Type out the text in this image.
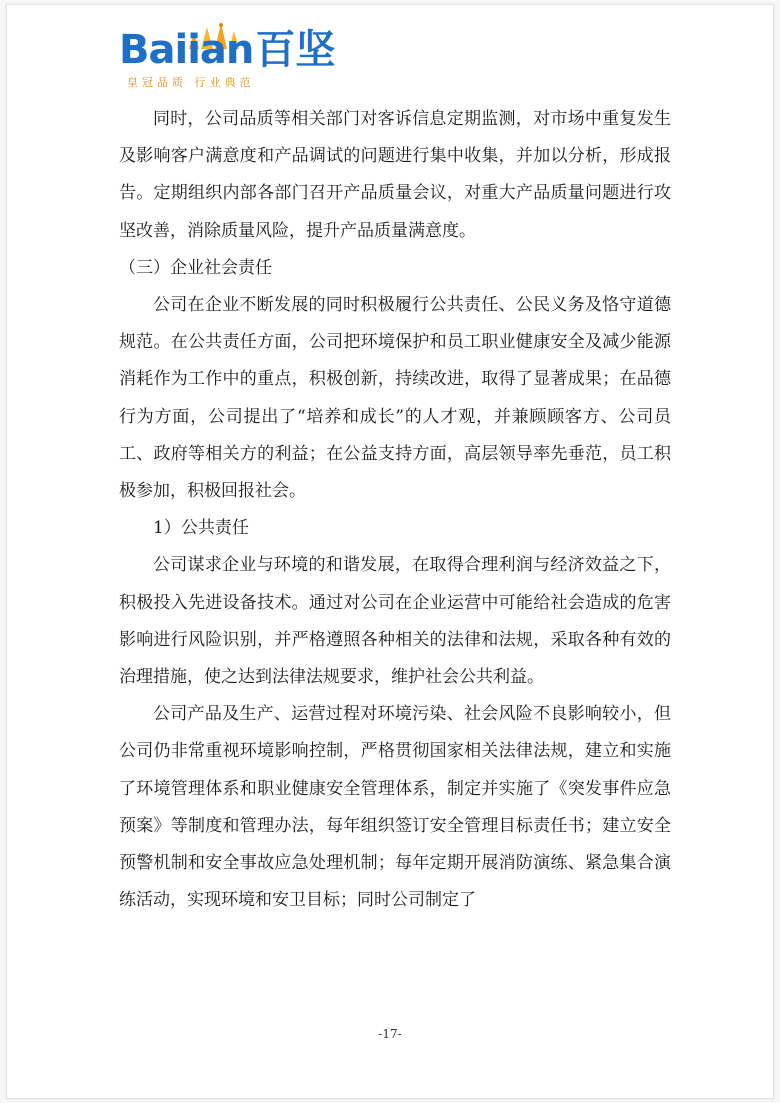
Baiian百坚
皇冠品质 行业典范

同时，公司品质等相关部门对客诉信息定期监测，对市场中重复发生及影响客户满意度和产品调试的问题进行集中收集，并加以分析，形成报告。定期组织内部各部门召开产品质量会议，对重大产品质量问题进行攻坚改善，消除质量风险，提升产品质量满意度。

（三）企业社会责任

公司在企业不断发展的同时积极履行公共责任、公民义务及恪守道德规范。在公共责任方面，公司把环境保护和员工职业健康安全及减少能源消耗作为工作中的重点，积极创新，持续改进，取得了显著成果；在品德行为方面，公司提出了“培养和成长”的人才观，并兼顾顾客方、公司员工、政府等相关方的利益；在公益支持方面，高层领导率先垂范，员工积极参加，积极回报社会。

1）公共责任

公司谋求企业与环境的和谐发展，在取得合理利润与经济效益之下，积极投入先进设备技术。通过对公司在企业运营中可能给社会造成的危害影响进行风险识别，并严格遵照各种相关的法律和法规，采取各种有效的治理措施，使之达到法律法规要求，维护社会公共利益。

公司产品及生产、运营过程对环境污染、社会风险不良影响较小，但公司仍非常重视环境影响控制，严格贯彻国家相关法律法规，建立和实施了环境管理体系和职业健康安全管理体系，制定并实施了《突发事件应急预案》等制度和管理办法，每年组织签订安全管理目标责任书；建立安全预警机制和安全事故应急处理机制；每年定期开展消防演练、紧急集合演练活动，实现环境和安卫目标；同时公司制定了

-17-
